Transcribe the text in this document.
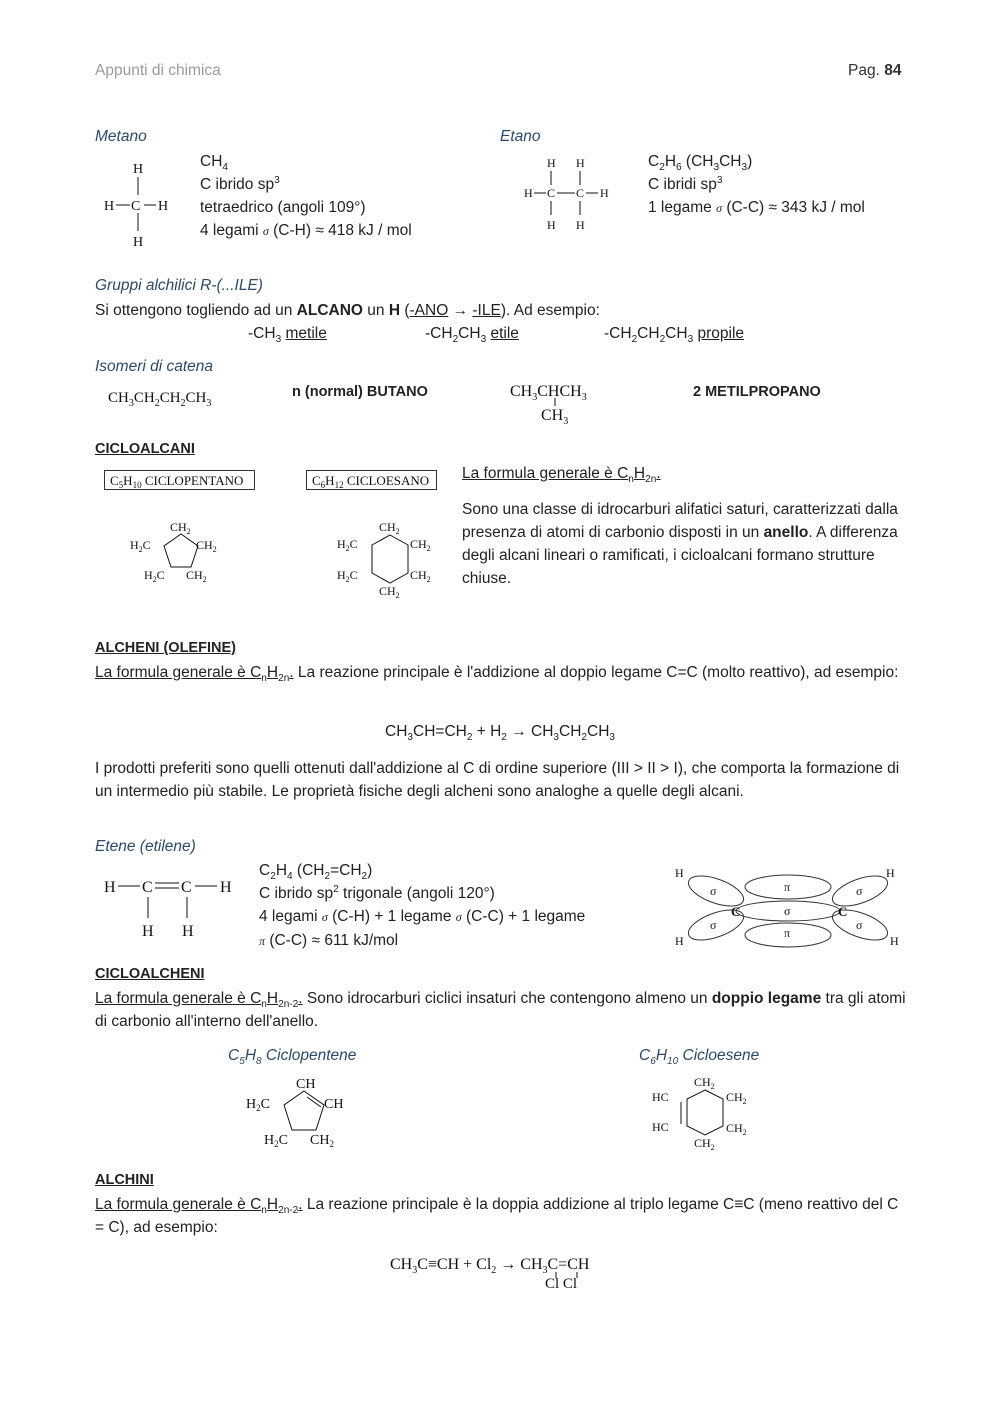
Appunti di chimica	Pag. 84
Metano
H
H C H
H
$CH_4$
C ibrido $sp^3$
tetraedrico (angoli 109°)
4 legami σ (C-H) ≈ 418 kJ / mol
Etano
H H
H C C H
H H
$C_2H_6$ $(CH_3CH_3)$
C ibridi $sp^3$
1 legame σ (C-C) ≈ 343 kJ / mol
Gruppi alchilici R-(...ILE)
Si ottengono togliendo ad un ALCANO un H (-ANO → -ILE). Ad esempio:
$-CH_3$ metile	$-CH_2CH_3$ etile	$-CH_2CH_2CH_3$ propile
Isomeri di catena
$CH_3CH_2CH_2CH_3$
n (normal) BUTANO	$CH_3CHCH_3$
$CH_3$
2 METILPROPANO
CICLOALCANI
$C_5H_{10}$ CICLOPENTANO	$C_6H_{12}$ CICLOESANO
$CH_2$
$H_2C$	$CH_2$
$H_2C$ $CH_2$
$CH_2$
$H_2C$	$CH_2$
$H_2C$	$CH_2$
$CH_2$
La formula generale è $C_nH_{2n}$.
Sono una classe di idrocarburi alifatici saturi, caratterizzati dalla presenza di atomi di carbonio disposti in un anello. A differenza degli alcani lineari o ramificati, i cicloalcani formano strutture chiuse.
ALCHENI (OLEFINE)
La formula generale è $C_nH_{2n}$. La reazione principale è l'addizione al doppio legame C=C (molto reattivo), ad esempio:
$CH_3CH=CH_2 + H_2 \to CH_3CH_2CH_3$
I prodotti preferiti sono quelli ottenuti dall'addizione al C di ordine superiore (III > II > I), che comporta la formazione di un intermedio più stabile. Le proprietà fisiche degli alcheni sono analoghe a quelle degli alcani.
Etene (etilene)
H C C H
H H
$C_2H_4$ $(CH_2=CH_2)$
C ibrido $sp^2$ trigonale (angoli 120°)
4 legami σ (C-H) + 1 legame σ (C-C) + 1 legame
π (C-C) ≈ 611 kJ/mol
H	H
H	H
σ
σ
σ
σ
π
σ
π
C	C
CICLOALCHENI
La formula generale è $C_nH_{2n-2}$. Sono idrocarburi ciclici insaturi che contengono almeno un doppio legame tra gli atomi di carbonio all'interno dell'anello.
$C_5H_8$ Ciclopentene	$C_6H_{10}$ Cicloesene
CH
$H_2C$	CH
$H_2C$ $CH_2$
$CH_2$
HC	$CH_2$
HC	$CH_2$
$CH_2$
ALCHINI
La formula generale è $C_nH_{2n-2}$. La reazione principale è la doppia addizione al triplo legame C≡C (meno reattivo del C = C), ad esempio:
$CH_3C\equiv CH + Cl_2 \to CH_3C=CH$
Cl Cl
